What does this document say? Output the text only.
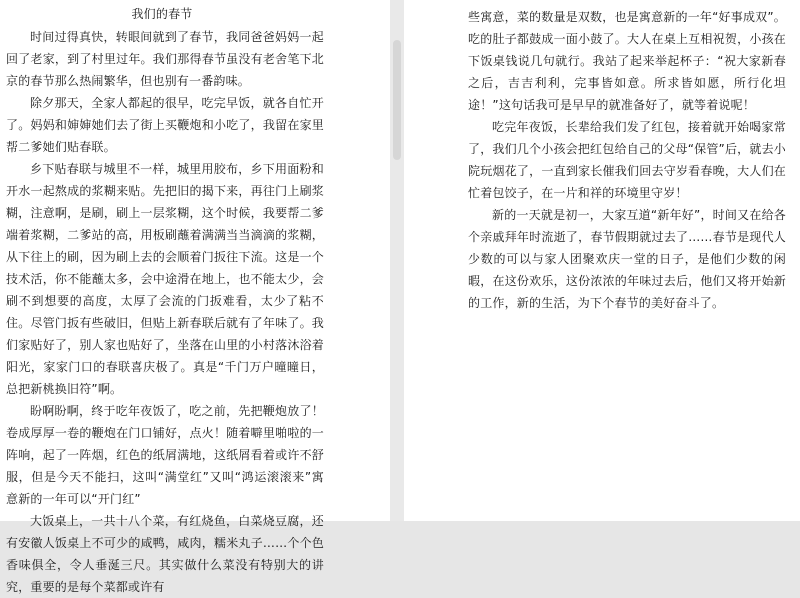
我们的春节

时间过得真快，转眼间就到了春节，我同爸爸妈妈一起回了老家，到了村里过年。我们那得春节虽没有老舍笔下北京的春节那么热闹繁华，但也别有一番韵味。

除夕那天，全家人都起的很早，吃完早饭，就各自忙开了。妈妈和婶婶她们去了街上买鞭炮和小吃了，我留在家里帮二爹她们贴春联。

乡下贴春联与城里不一样，城里用胶布，乡下用面粉和开水一起熬成的浆糊来贴。先把旧的揭下来，再往门上刷浆糊，注意啊，是刷，刷上一层浆糊，这个时候，我要帮二爹端着浆糊，二爹站的高，用板刷蘸着满满当当滴滴的浆糊，从下往上的刷，因为刷上去的会顺着门扳往下流。这是一个技术活，你不能蘸太多，会中途滑在地上，也不能太少，会刷不到想要的高度，太厚了会流的门扳难看，太少了粘不住。尽管门扳有些破旧，但贴上新春联后就有了年味了。我们家贴好了，别人家也贴好了，坐落在山里的小村落沐浴着阳光，家家门口的春联喜庆极了。真是“千门万户曈曈日，总把新桃换旧符”啊。

盼啊盼啊，终于吃年夜饭了，吃之前，先把鞭炮放了！卷成厚厚一卷的鞭炮在门口铺好，点火！随着噼里啪啦的一阵响，起了一阵烟，红色的纸屑满地，这纸屑看着或许不舒服，但是今天不能扫，这叫“满堂红”又叫“鸿运滚滚来”寓意新的一年可以“开门红”

大饭桌上，一共十八个菜，有红烧鱼，白菜烧豆腐，还有安徽人饭桌上不可少的咸鸭，咸肉，糯米丸子……个个色香味俱全，令人垂涎三尺。其实做什么菜没有特别大的讲究，重要的是每个菜都或许有

些寓意，菜的数量是双数，也是寓意新的一年“好事成双”。吃的肚子都鼓成一面小鼓了。大人在桌上互相祝贺，小孩在下饭桌钱说几句就行。我站了起来举起杯子：“祝大家新春之后，吉吉利利，完事皆如意。所求皆如愿，所行化坦途！”这句话我可是早早的就准备好了，就等着说呢！

吃完年夜饭，长辈给我们发了红包，接着就开始喝家常了，我们几个小孩会把红包给自己的父母“保管”后，就去小院玩烟花了，一直到家长催我们回去守岁看春晚，大人们在忙着包饺子，在一片和祥的环境里守岁！

新的一天就是初一，大家互道“新年好”，时间又在给各个亲戚拜年时流逝了，春节假期就过去了……春节是现代人少数的可以与家人团聚欢庆一堂的日子，是他们少数的闲暇，在这份欢乐，这份浓浓的年味过去后，他们又将开始新的工作，新的生活，为下个春节的美好奋斗了。
